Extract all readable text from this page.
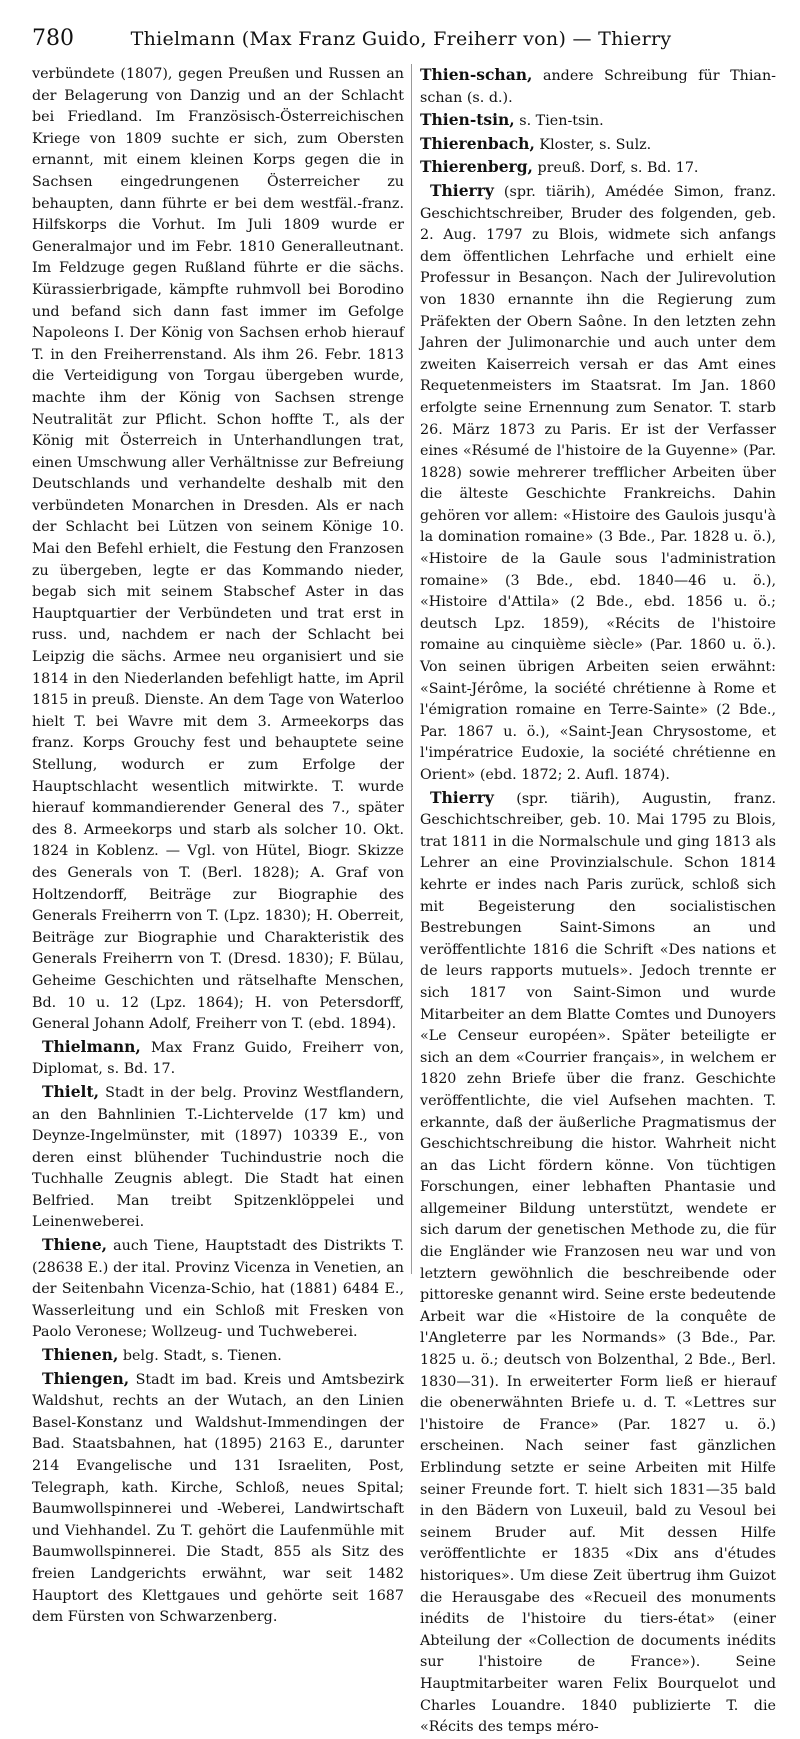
780	Thielmann (Max Franz Guido, Freiherr von) — Thierry

verbündete (1807), gegen Preußen und Russen an der Belagerung von Danzig und an der Schlacht bei Friedland. Im Französisch-Österreichischen Kriege von 1809 suchte er sich, zum Obersten ernannt, mit einem kleinen Korps gegen die in Sachsen eingedrungenen Österreicher zu behaupten, dann führte er bei dem westfäl.-franz. Hilfskorps die Vorhut. Im Juli 1809 wurde er Generalmajor und im Febr. 1810 Generalleutnant. Im Feldzuge gegen Rußland führte er die sächs. Kürassierbrigade, kämpfte ruhmvoll bei Borodino und befand sich dann fast immer im Gefolge Napoleons I. Der König von Sachsen erhob hierauf T. in den Freiherrenstand. Als ihm 26. Febr. 1813 die Verteidigung von Torgau übergeben wurde, machte ihm der König von Sachsen strenge Neutralität zur Pflicht. Schon hoffte T., als der König mit Österreich in Unterhandlungen trat, einen Umschwung aller Verhältnisse zur Befreiung Deutschlands und verhandelte deshalb mit den verbündeten Monarchen in Dresden. Als er nach der Schlacht bei Lützen von seinem Könige 10. Mai den Befehl erhielt, die Festung den Franzosen zu übergeben, legte er das Kommando nieder, begab sich mit seinem Stabschef Aster in das Hauptquartier der Verbündeten und trat erst in russ. und, nachdem er nach der Schlacht bei Leipzig die sächs. Armee neu organisiert und sie 1814 in den Niederlanden befehligt hatte, im April 1815 in preuß. Dienste. An dem Tage von Waterloo hielt T. bei Wavre mit dem 3. Armeekorps das franz. Korps Grouchy fest und behauptete seine Stellung, wodurch er zum Erfolge der Hauptschlacht wesentlich mitwirkte. T. wurde hierauf kommandierender General des 7., später des 8. Armeekorps und starb als solcher 10. Okt. 1824 in Koblenz. — Vgl. von Hütel, Biogr. Skizze des Generals von T. (Berl. 1828); A. Graf von Holtzendorff, Beiträge zur Biographie des Generals Freiherrn von T. (Lpz. 1830); H. Oberreit, Beiträge zur Biographie und Charakteristik des Generals Freiherrn von T. (Dresd. 1830); F. Bülau, Geheime Geschichten und rätselhafte Menschen, Bd. 10 u. 12 (Lpz. 1864); H. von Petersdorff, General Johann Adolf, Freiherr von T. (ebd. 1894).

Thielmann, Max Franz Guido, Freiherr von, Diplomat, s. Bd. 17.

Thielt, Stadt in der belg. Provinz Westflandern, an den Bahnlinien T.-Lichtervelde (17 km) und Deynze-Ingelmünster, mit (1897) 10339 E., von deren einst blühender Tuchindustrie noch die Tuchhalle Zeugnis ablegt. Die Stadt hat einen Belfried. Man treibt Spitzenklöppelei und Leinenweberei.

Thiene, auch Tiene, Hauptstadt des Distrikts T. (28638 E.) der ital. Provinz Vicenza in Venetien, an der Seitenbahn Vicenza-Schio, hat (1881) 6484 E., Wasserleitung und ein Schloß mit Fresken von Paolo Veronese; Wollzeug- und Tuchweberei.

Thienen, belg. Stadt, s. Tienen.

Thiengen, Stadt im bad. Kreis und Amtsbezirk Waldshut, rechts an der Wutach, an den Linien Basel-Konstanz und Waldshut-Immendingen der Bad. Staatsbahnen, hat (1895) 2163 E., darunter 214 Evangelische und 131 Israeliten, Post, Telegraph, kath. Kirche, Schloß, neues Spital; Baumwollspinnerei und -Weberei, Landwirtschaft und Viehhandel. Zu T. gehört die Laufenmühle mit Baumwollspinnerei. Die Stadt, 855 als Sitz des freien Landgerichts erwähnt, war seit 1482 Hauptort des Klettgaues und gehörte seit 1687 dem Fürsten von Schwarzenberg.

Thien-schan, andere Schreibung für Thian-schan (s. d.).

Thien-tsin, s. Tien-tsin.

Thierenbach, Kloster, s. Sulz.

Thierenberg, preuß. Dorf, s. Bd. 17.

Thierry (spr. tiärih), Amédée Simon, franz. Geschichtschreiber, Bruder des folgenden, geb. 2. Aug. 1797 zu Blois, widmete sich anfangs dem öffentlichen Lehrfache und erhielt eine Professur in Besançon. Nach der Julirevolution von 1830 ernannte ihn die Regierung zum Präfekten der Obern Saône. In den letzten zehn Jahren der Julimonarchie und auch unter dem zweiten Kaiserreich versah er das Amt eines Requetenmeisters im Staatsrat. Im Jan. 1860 erfolgte seine Ernennung zum Senator. T. starb 26. März 1873 zu Paris. Er ist der Verfasser eines «Résumé de l'histoire de la Guyenne» (Par. 1828) sowie mehrerer trefflicher Arbeiten über die älteste Geschichte Frankreichs. Dahin gehören vor allem: «Histoire des Gaulois jusqu'à la domination romaine» (3 Bde., Par. 1828 u. ö.), «Histoire de la Gaule sous l'administration romaine» (3 Bde., ebd. 1840—46 u. ö.), «Histoire d'Attila» (2 Bde., ebd. 1856 u. ö.; deutsch Lpz. 1859), «Récits de l'histoire romaine au cinquième siècle» (Par. 1860 u. ö.). Von seinen übrigen Arbeiten seien erwähnt: «Saint-Jérôme, la société chrétienne à Rome et l'émigration romaine en Terre-Sainte» (2 Bde., Par. 1867 u. ö.), «Saint-Jean Chrysostome, et l'impératrice Eudoxie, la société chrétienne en Orient» (ebd. 1872; 2. Aufl. 1874).

Thierry (spr. tiärih), Augustin, franz. Geschichtschreiber, geb. 10. Mai 1795 zu Blois, trat 1811 in die Normalschule und ging 1813 als Lehrer an eine Provinzialschule. Schon 1814 kehrte er indes nach Paris zurück, schloß sich mit Begeisterung den socialistischen Bestrebungen Saint-Simons an und veröffentlichte 1816 die Schrift «Des nations et de leurs rapports mutuels». Jedoch trennte er sich 1817 von Saint-Simon und wurde Mitarbeiter an dem Blatte Comtes und Dunoyers «Le Censeur européen». Später beteiligte er sich an dem «Courrier français», in welchem er 1820 zehn Briefe über die franz. Geschichte veröffentlichte, die viel Aufsehen machten. T. erkannte, daß der äußerliche Pragmatismus der Geschichtschreibung die histor. Wahrheit nicht an das Licht fördern könne. Von tüchtigen Forschungen, einer lebhaften Phantasie und allgemeiner Bildung unterstützt, wendete er sich darum der genetischen Methode zu, die für die Engländer wie Franzosen neu war und von letztern gewöhnlich die beschreibende oder pittoreske genannt wird. Seine erste bedeutende Arbeit war die «Histoire de la conquête de l'Angleterre par les Normands» (3 Bde., Par. 1825 u. ö.; deutsch von Bolzenthal, 2 Bde., Berl. 1830—31). In erweiterter Form ließ er hierauf die obenerwähnten Briefe u. d. T. «Lettres sur l'histoire de France» (Par. 1827 u. ö.) erscheinen. Nach seiner fast gänzlichen Erblindung setzte er seine Arbeiten mit Hilfe seiner Freunde fort. T. hielt sich 1831—35 bald in den Bädern von Luxeuil, bald zu Vesoul bei seinem Bruder auf. Mit dessen Hilfe veröffentlichte er 1835 «Dix ans d'études historiques». Um diese Zeit übertrug ihm Guizot die Herausgabe des «Recueil des monuments inédits de l'histoire du tiers-état» (einer Abteilung der «Collection de documents inédits sur l'histoire de France»). Seine Hauptmitarbeiter waren Felix Bourquelot und Charles Louandre. 1840 publizierte T. die «Récits des temps méro-
